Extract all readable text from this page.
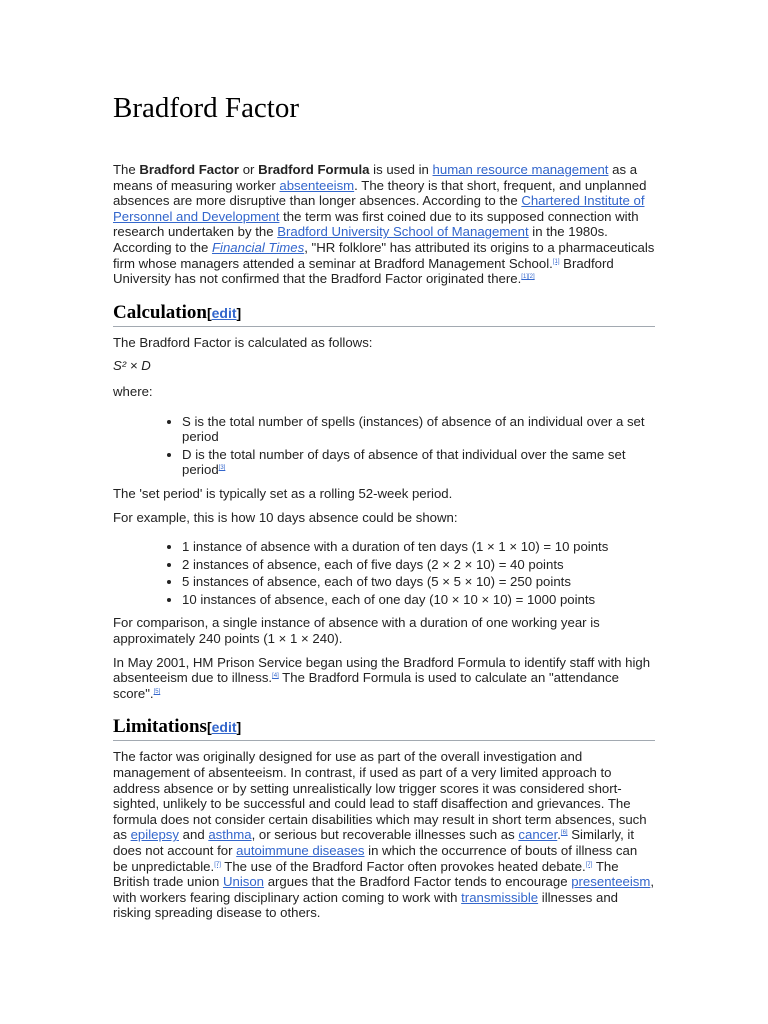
Bradford Factor

The Bradford Factor or Bradford Formula is used in human resource management as a means of measuring worker absenteeism. The theory is that short, frequent, and unplanned absences are more disruptive than longer absences. According to the Chartered Institute of Personnel and Development the term was first coined due to its supposed connection with research undertaken by the Bradford University School of Management in the 1980s. According to the Financial Times, "HR folklore" has attributed its origins to a pharmaceuticals firm whose managers attended a seminar at Bradford Management School.[1] Bradford University has not confirmed that the Bradford Factor originated there.[1][2]

Calculation[edit]

The Bradford Factor is calculated as follows:

S² × D

where:

• S is the total number of spells (instances) of absence of an individual over a set period
• D is the total number of days of absence of that individual over the same set period[3]

The 'set period' is typically set as a rolling 52-week period.

For example, this is how 10 days absence could be shown:

• 1 instance of absence with a duration of ten days (1 × 1 × 10) = 10 points
• 2 instances of absence, each of five days (2 × 2 × 10) = 40 points
• 5 instances of absence, each of two days (5 × 5 × 10) = 250 points
• 10 instances of absence, each of one day (10 × 10 × 10) = 1000 points

For comparison, a single instance of absence with a duration of one working year is approximately 240 points (1 × 1 × 240).

In May 2001, HM Prison Service began using the Bradford Formula to identify staff with high absenteeism due to illness.[4] The Bradford Formula is used to calculate an "attendance score".[5]

Limitations[edit]

The factor was originally designed for use as part of the overall investigation and management of absenteeism. In contrast, if used as part of a very limited approach to address absence or by setting unrealistically low trigger scores it was considered short-sighted, unlikely to be successful and could lead to staff disaffection and grievances. The formula does not consider certain disabilities which may result in short term absences, such as epilepsy and asthma, or serious but recoverable illnesses such as cancer.[6] Similarly, it does not account for autoimmune diseases in which the occurrence of bouts of illness can be unpredictable.[7] The use of the Bradford Factor often provokes heated debate.[7] The British trade union Unison argues that the Bradford Factor tends to encourage presenteeism, with workers fearing disciplinary action coming to work with transmissible illnesses and risking spreading disease to others.
